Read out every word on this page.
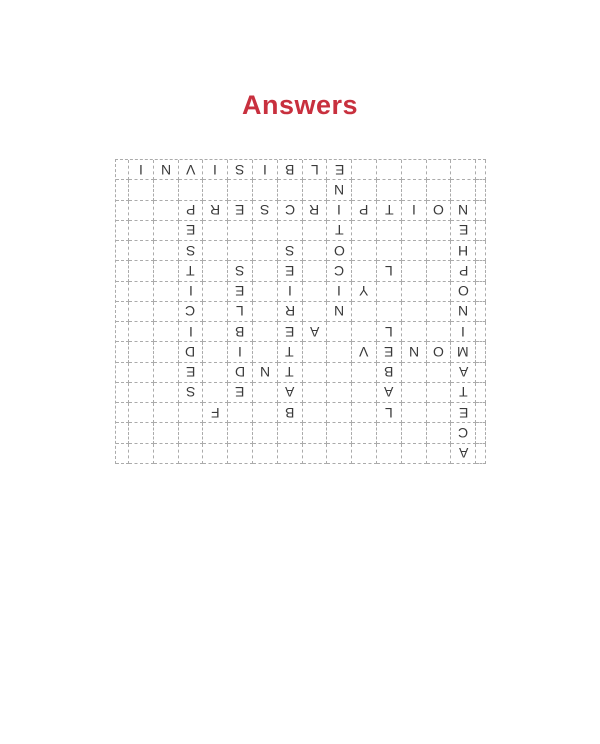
Answers
I N V I S I B L E
N
P R E S C R I P T I O N
E	T	E
S	S	O	H
T	S	E	C	L	P
I	E	I	I Y	O
C	L	R	N	N
I	B	E A	L	I
D	I	T	V E N O M
E	D N T	B	A
S	E	A	A	T
F	B	L	E
C
A
